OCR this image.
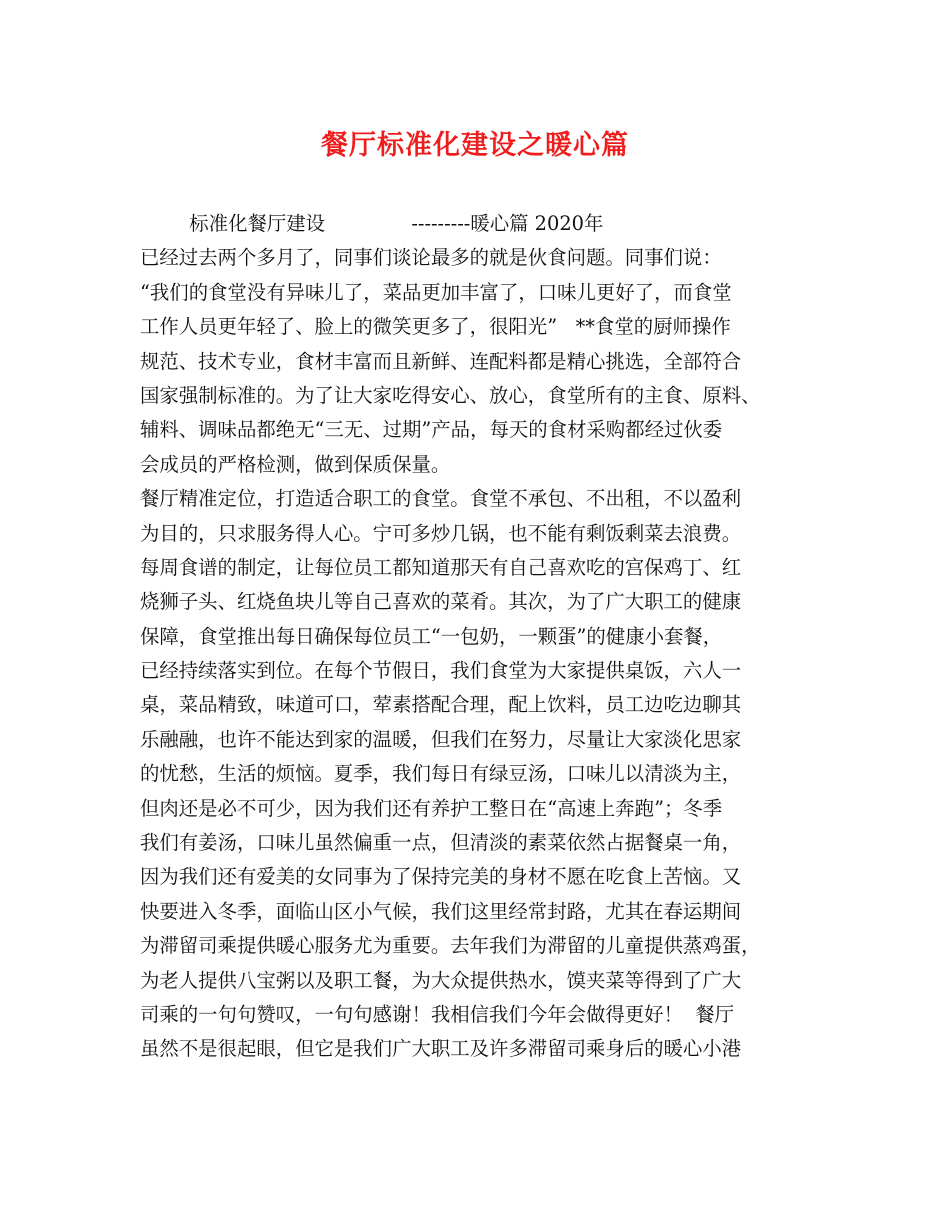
餐厅标准化建设之暖心篇
标准化餐厅建设              ---------暖心篇 2020年
已经过去两个多月了，同事们谈论最多的就是伙食问题。同事们说：
“我们的食堂没有异味儿了，菜品更加丰富了，口味儿更好了，而食堂
工作人员更年轻了、脸上的微笑更多了，很阳光”   **食堂的厨师操作
规范、技术专业，食材丰富而且新鲜、连配料都是精心挑选，全部符合
国家强制标准的。为了让大家吃得安心、放心，食堂所有的主食、原料、
辅料、调味品都绝无“三无、过期”产品，每天的食材采购都经过伙委
会成员的严格检测，做到保质保量。
餐厅精准定位，打造适合职工的食堂。食堂不承包、不出租，不以盈利
为目的，只求服务得人心。宁可多炒几锅，也不能有剩饭剩菜去浪费。
每周食谱的制定，让每位员工都知道那天有自己喜欢吃的宫保鸡丁、红
烧狮子头、红烧鱼块儿等自己喜欢的菜肴。其次，为了广大职工的健康
保障，食堂推出每日确保每位员工“一包奶，一颗蛋”的健康小套餐，
已经持续落实到位。在每个节假日，我们食堂为大家提供桌饭，六人一
桌，菜品精致，味道可口，荤素搭配合理，配上饮料，员工边吃边聊其
乐融融，也许不能达到家的温暖，但我们在努力，尽量让大家淡化思家
的忧愁，生活的烦恼。夏季，我们每日有绿豆汤，口味儿以清淡为主，
但肉还是必不可少，因为我们还有养护工整日在“高速上奔跑”；冬季
我们有姜汤，口味儿虽然偏重一点，但清淡的素菜依然占据餐桌一角，
因为我们还有爱美的女同事为了保持完美的身材不愿在吃食上苦恼。又
快要进入冬季，面临山区小气候，我们这里经常封路，尤其在春运期间
为滞留司乘提供暖心服务尤为重要。去年我们为滞留的儿童提供蒸鸡蛋，
为老人提供八宝粥以及职工餐，为大众提供热水，馍夹菜等得到了广大
司乘的一句句赞叹，一句句感谢！我相信我们今年会做得更好！  餐厅
虽然不是很起眼，但它是我们广大职工及许多滞留司乘身后的暖心小港
